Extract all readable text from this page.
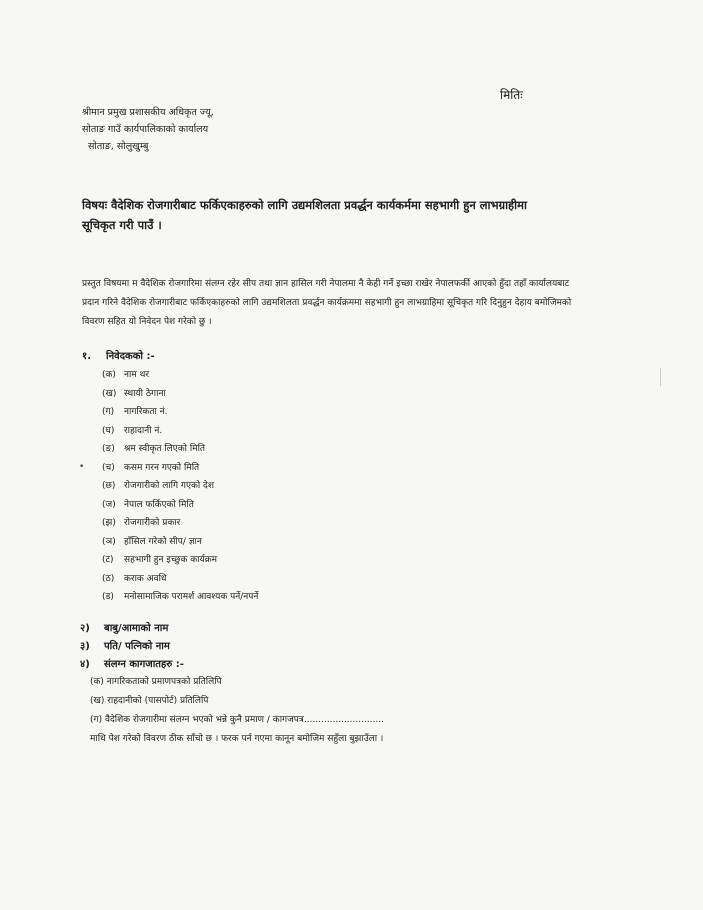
मितिः
श्रीमान प्रमुख प्रशासकीय अधिकृत ज्यू,
सोताङ गाउँ कार्यपालिकाको कार्यालय
सोताङ, सोलुखुम्बु
विषयः वैदेशिक रोजगारीबाट फर्किएकाहरुको लागि उद्यमशिलता प्रवर्द्धन कार्यकर्ममा सहभागी हुन लाभग्राहीमा
सूचिकृत गरी पाउँ ।
प्रस्तुत विषयमा म वैदेशिक रोजगारिमा संलग्न रहेर सीप तथा ज्ञान हासिल गरी नेपालमा नै केही गर्ने इच्छा राखेर नेपालफर्की आएको हुँदा तहाँ कार्यालयबाट
प्रदान गरिने वैदेशिक रोजगारीबाट फर्किएकाहरुको लागि उद्यमशिलता प्रवर्द्धन कार्यक्रममा सहभागी हुन लाभग्राहिमा सूचिकृत गरि दिनुहुन देहाय बमोजिमको
विवरण सहित यो निवेदन पेश गरेको छु ।
१. निवेदकको :-
(क) नाम थर
(ख) स्थायी ठेगाना
(ग) नागरिकता नं.
(घ) राहादानी नं.
(ङ) श्रम स्वीकृत लिएको मिति
(च) कसम गरन गएको मिति
(छ) रोजगारीको लागि गएको देश
(ज) नेपाल फर्किएको मिति
(झ) रोजगारीको प्रकार
(ञ) हाँसिल गरेको सीप/ ज्ञान
(ट) सहभागी हुन इच्छुक कार्यक्रम
(ठ) कराक अवधि
(ड) मनोसामाजिक परामर्श आवश्यक पर्ने/नपर्ने
•
२) बाबु/आमाको नाम
३) पति/ पत्निको नाम
४) संलग्न कागजातहरु :-
(क) नागरिकताको प्रमाणपत्रको प्रतिलिपि
(ख) राहदानीको (पासपोर्ट) प्रतिलिपि
(ग) वैदेशिक रोजगारीमा संलग्न भएको भन्ने कुनै प्रमाण / कागजपत्र............................
माथि पेश गरेको विवरण ठीक साँचो छ । फरक पर्न गएमा कानून बमोजिम सहुँला बुझाउँला ।
